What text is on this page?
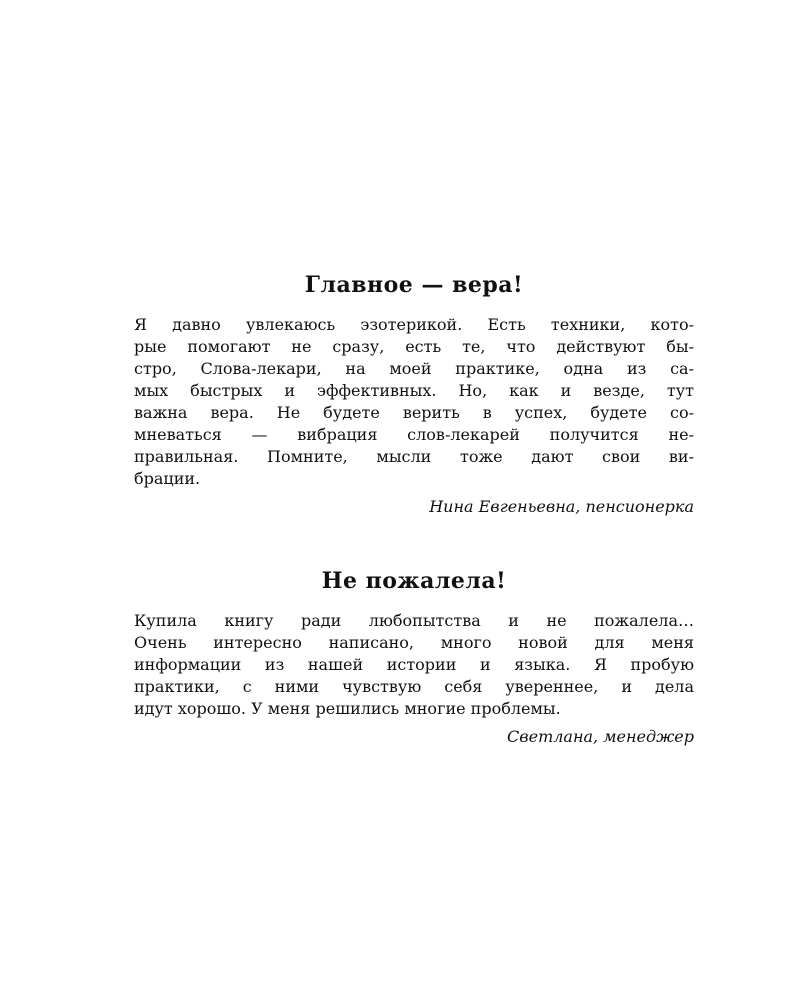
Главное — вера!

Я давно увлекаюсь эзотерикой. Есть техники, кото-
рые помогают не сразу, есть те, что действуют бы-
стро, Слова-лекари, на моей практике, одна из са-
мых быстрых и эффективных. Но, как и везде, тут
важна вера. Не будете верить в успех, будете со-
мневаться — вибрация слов-лекарей получится не-
правильная. Помните, мысли тоже дают свои ви-
брации.

Нина Евгеньевна, пенсионерка

Не пожалела!

Купила книгу ради любопытства и не пожалела…
Очень интересно написано, много новой для меня
информации из нашей истории и языка. Я пробую
практики, с ними чувствую себя увереннее, и дела
идут хорошо. У меня решились многие проблемы.

Светлана, менеджер
